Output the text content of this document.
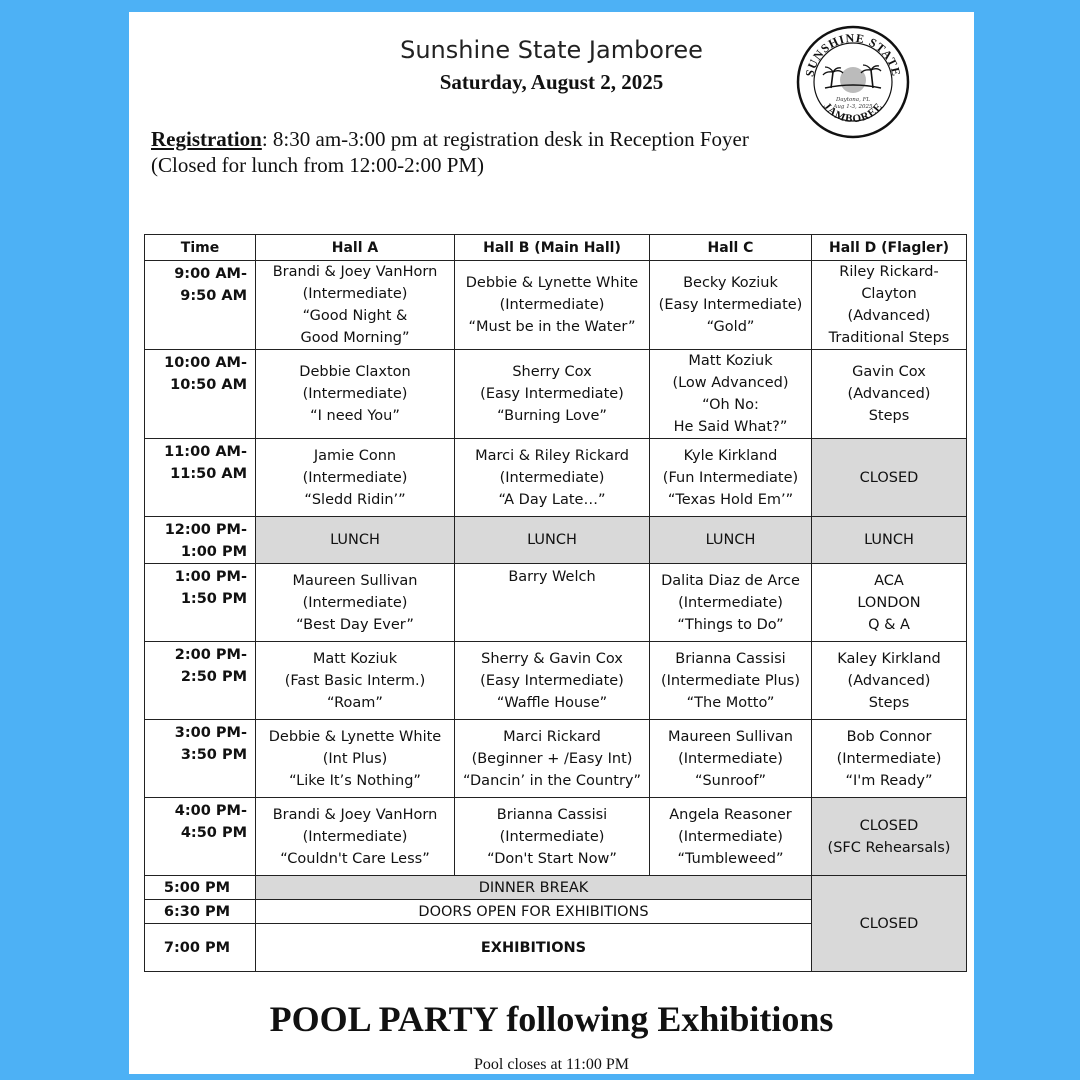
Sunshine State Jamboree
Saturday, August 2, 2025	SUNSHINE STATE
JAMBOREE
Daytona, FL
Aug 1-3, 2025
Registration: 8:30 am-3:00 pm at registration desk in Reception Foyer
(Closed for lunch from 12:00-2:00 PM)
Time	Hall A	Hall B (Main Hall)	Hall C	Hall D (Flagler)

9:00 AM-
9:50 AM	Brandi & Joey VanHorn
(Intermediate)
“Good Night &
Good Morning”	Debbie & Lynette White
(Intermediate)
“Must be in the Water”	Becky Koziuk
(Easy Intermediate)
“Gold”	Riley Rickard-
Clayton
(Advanced)
Traditional Steps

10:00 AM-
10:50 AM	Debbie Claxton
(Intermediate)
“I need You”	Sherry Cox
(Easy Intermediate)
“Burning Love”	Matt Koziuk
(Low Advanced)
“Oh No:
He Said What?”	Gavin Cox
(Advanced)
Steps

11:00 AM-
11:50 AM	Jamie Conn
(Intermediate)
“Sledd Ridin’”	Marci & Riley Rickard
(Intermediate)
“A Day Late…”	Kyle Kirkland
(Fun Intermediate)
“Texas Hold Em’”	CLOSED

12:00 PM-
1:00 PM	LUNCH	LUNCH	LUNCH	LUNCH

1:00 PM-
1:50 PM	Maureen Sullivan
(Intermediate)
“Best Day Ever”	Barry Welch	Dalita Diaz de Arce
(Intermediate)
“Things to Do”	ACA
LONDON
Q & A

2:00 PM-
2:50 PM	Matt Koziuk
(Fast Basic Interm.)
“Roam”	Sherry & Gavin Cox
(Easy Intermediate)
“Waffle House”	Brianna Cassisi
(Intermediate Plus)
“The Motto”	Kaley Kirkland
(Advanced)
Steps

3:00 PM-
3:50 PM	Debbie & Lynette White
(Int Plus)
“Like It’s Nothing”	Marci Rickard
(Beginner + /Easy Int)
“Dancin’ in the Country”	Maureen Sullivan
(Intermediate)
“Sunroof”	Bob Connor
(Intermediate)
“I'm Ready”

4:00 PM-
4:50 PM	Brandi & Joey VanHorn
(Intermediate)
“Couldn't Care Less”	Brianna Cassisi
(Intermediate)
“Don't Start Now”	Angela Reasoner
(Intermediate)
“Tumbleweed”	CLOSED
(SFC Rehearsals)

5:00 PM	DINNER BREAK			CLOSED
6:30 PM	DOORS OPEN FOR EXHIBITIONS			
7:00 PM	EXHIBITIONS			
POOL PARTY following Exhibitions
Pool closes at 11:00 PM
